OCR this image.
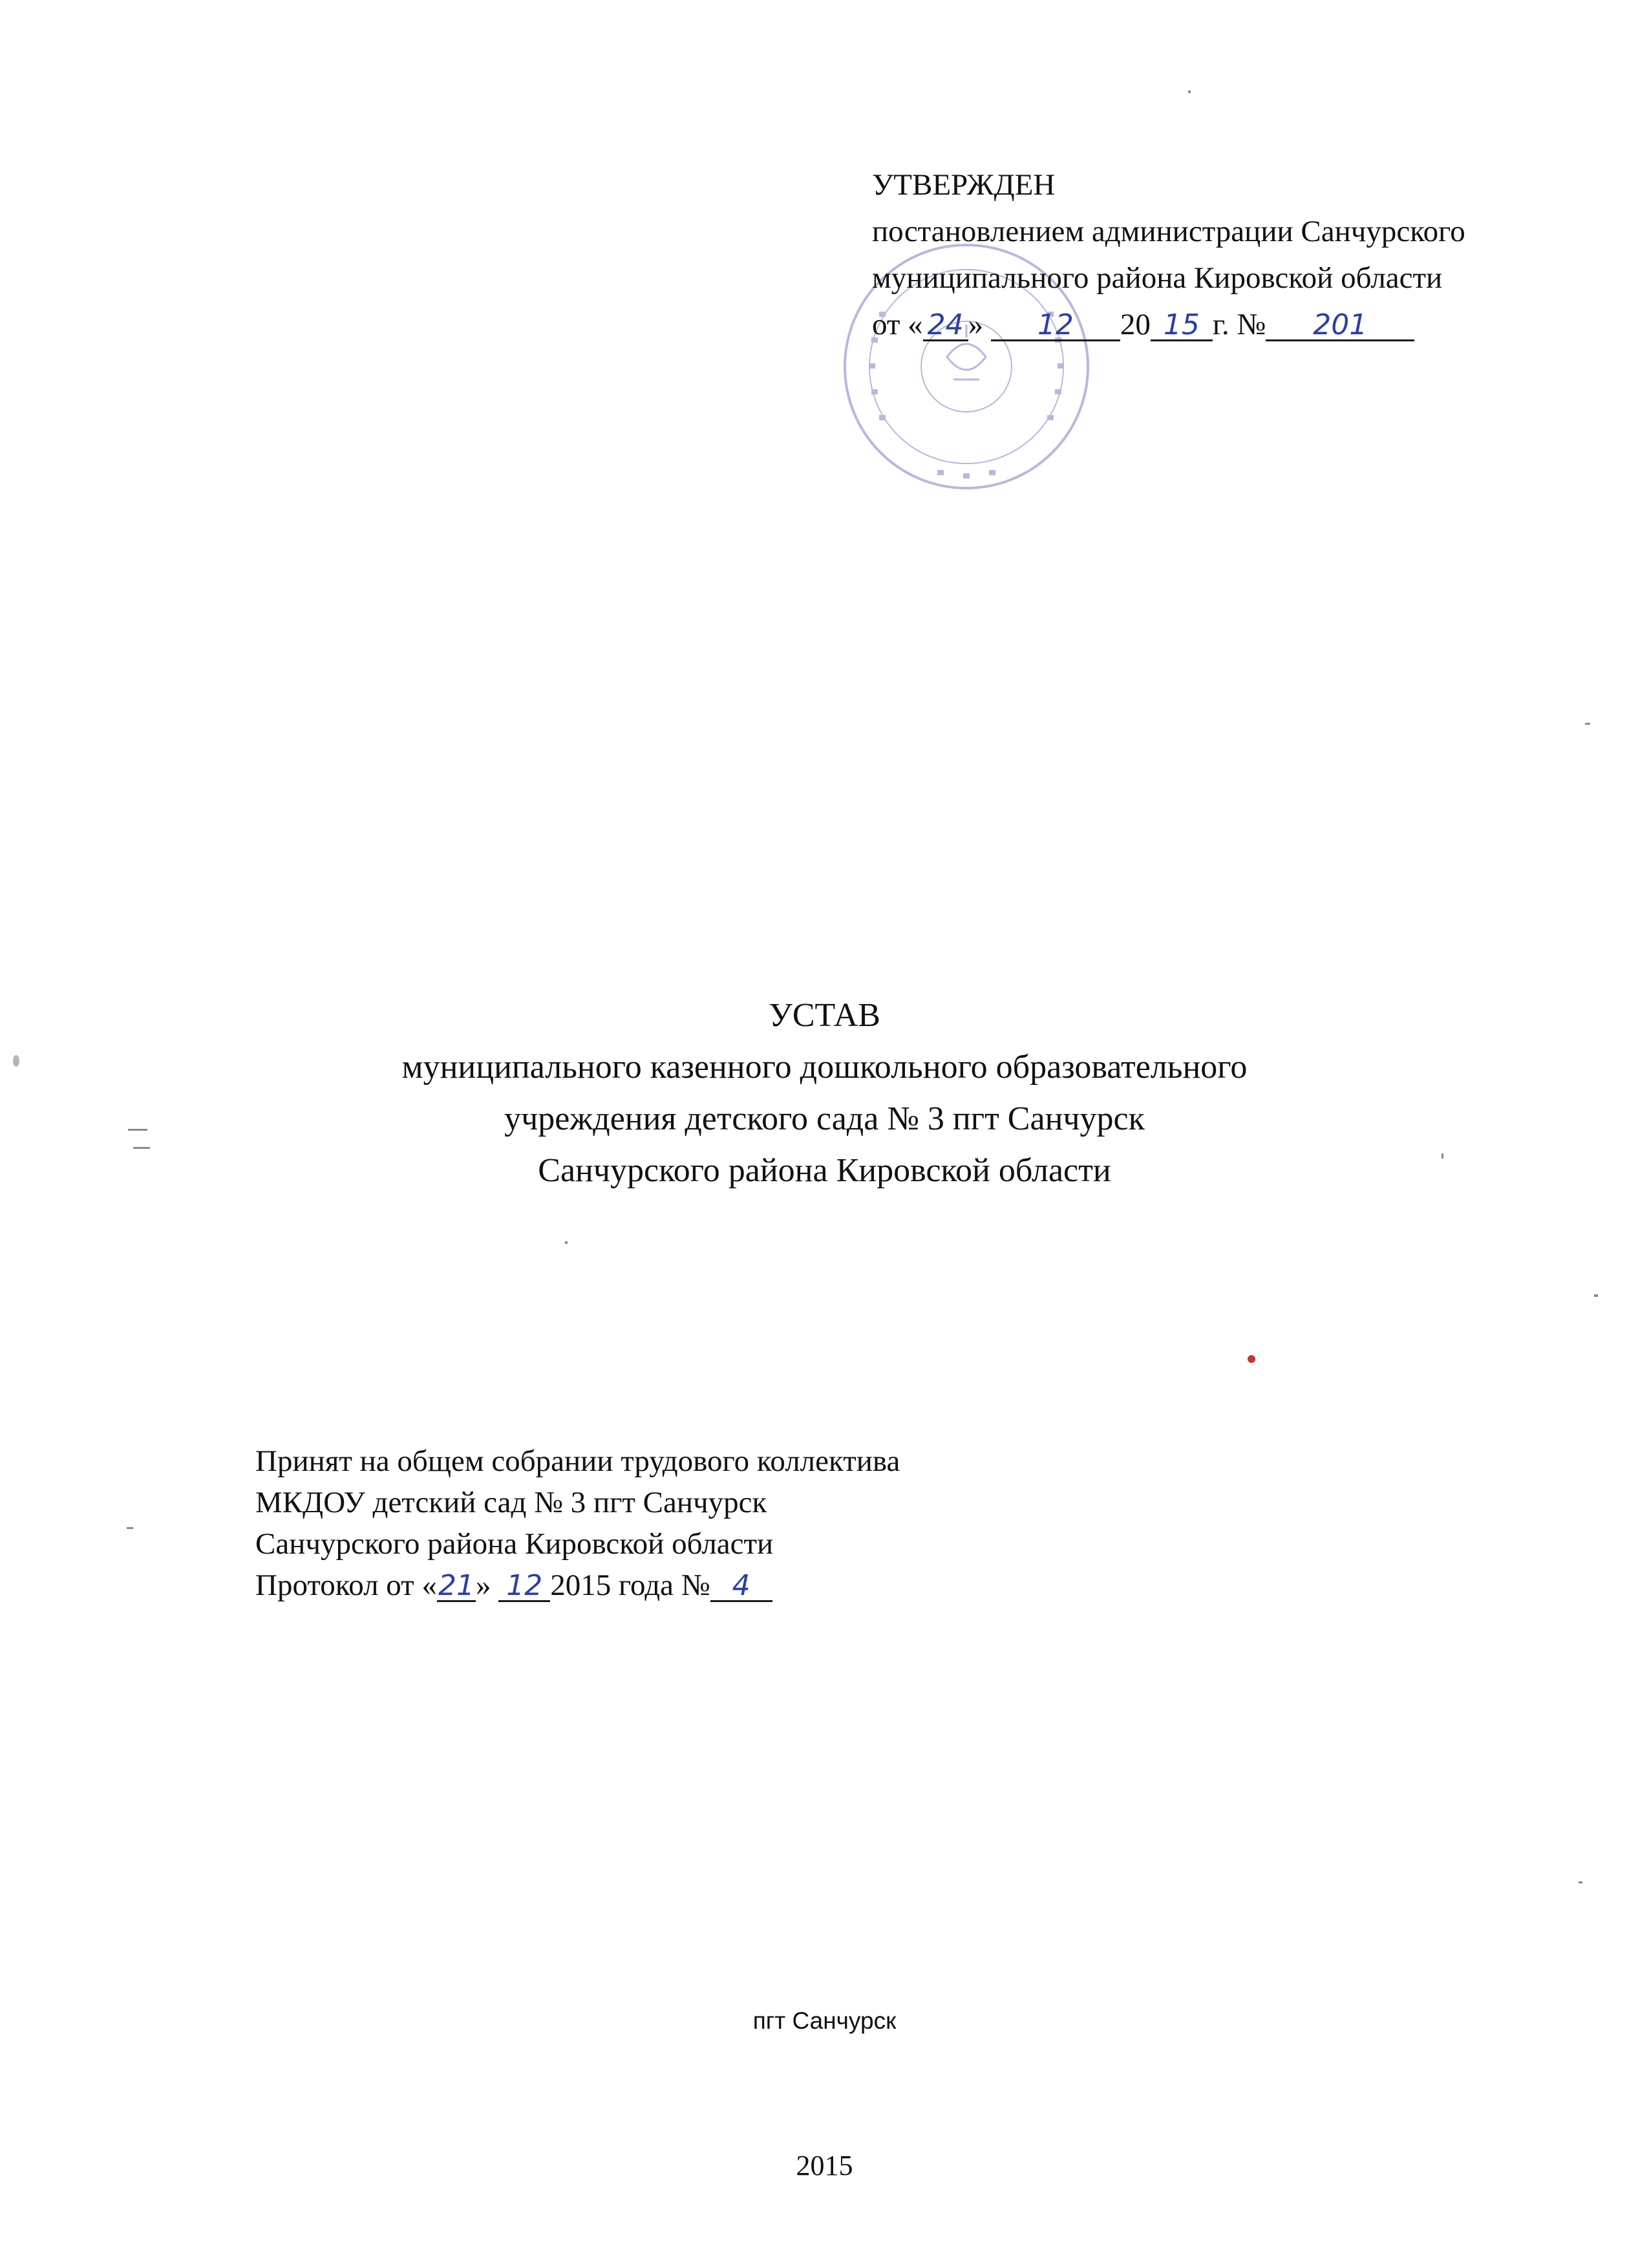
УТВЕРЖДЕН
постановлением администрации Санчурского
муниципального района Кировской области
от « 24 » 12 20 15 г. № 201
УСТАВ
муниципального казенного дошкольного образовательного
учреждения детского сада № 3 пгт Санчурск
Санчурского района Кировской области
Принят на общем собрании трудового коллектива
МКДОУ детский сад № 3 пгт Санчурск
Санчурского района Кировской области
Протокол от «21» 12 2015 года № 4
пгт Санчурск
2015
